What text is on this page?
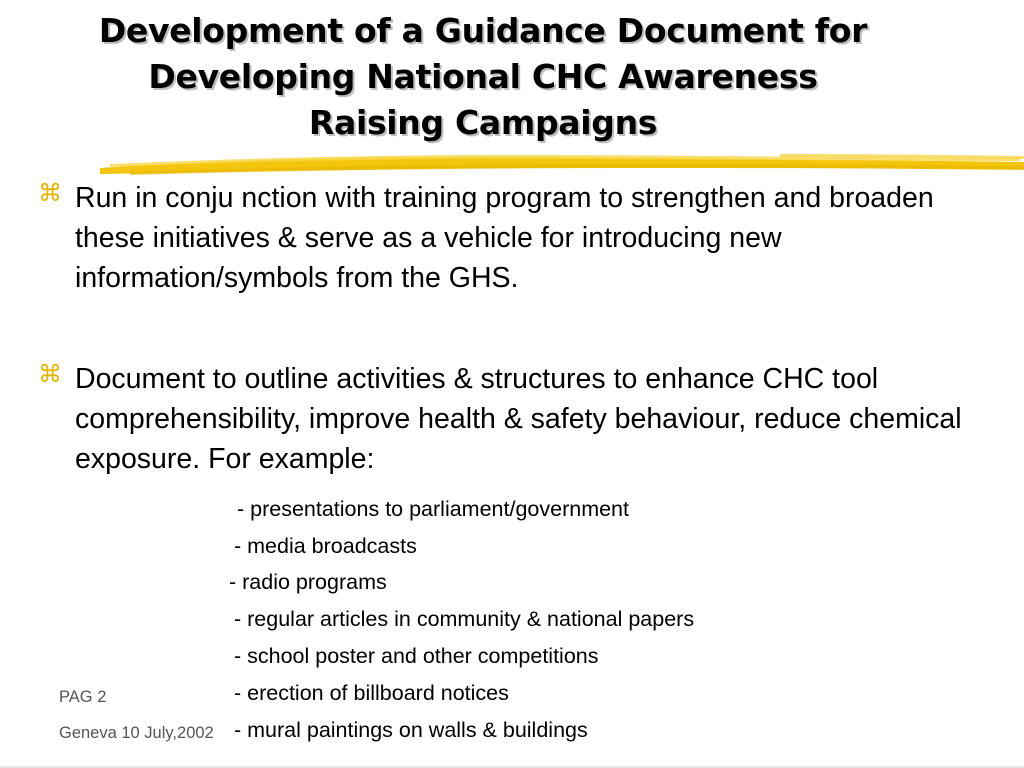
Development of a Guidance Document for
Developing National CHC Awareness
Raising Campaigns
⌘ Run in conju nction with training program to strengthen and broaden these initiatives & serve as a vehicle for introducing new information/symbols from the GHS.
⌘ Document to outline activities & structures to enhance CHC tool comprehensibility, improve health & safety behaviour, reduce chemical exposure. For example:
- presentations to parliament/government
- media broadcasts
- radio programs
- regular articles in community & national papers
- school poster and other competitions
- erection of billboard notices
PAG 2
Geneva 10 July,2002 - mural paintings on walls & buildings
